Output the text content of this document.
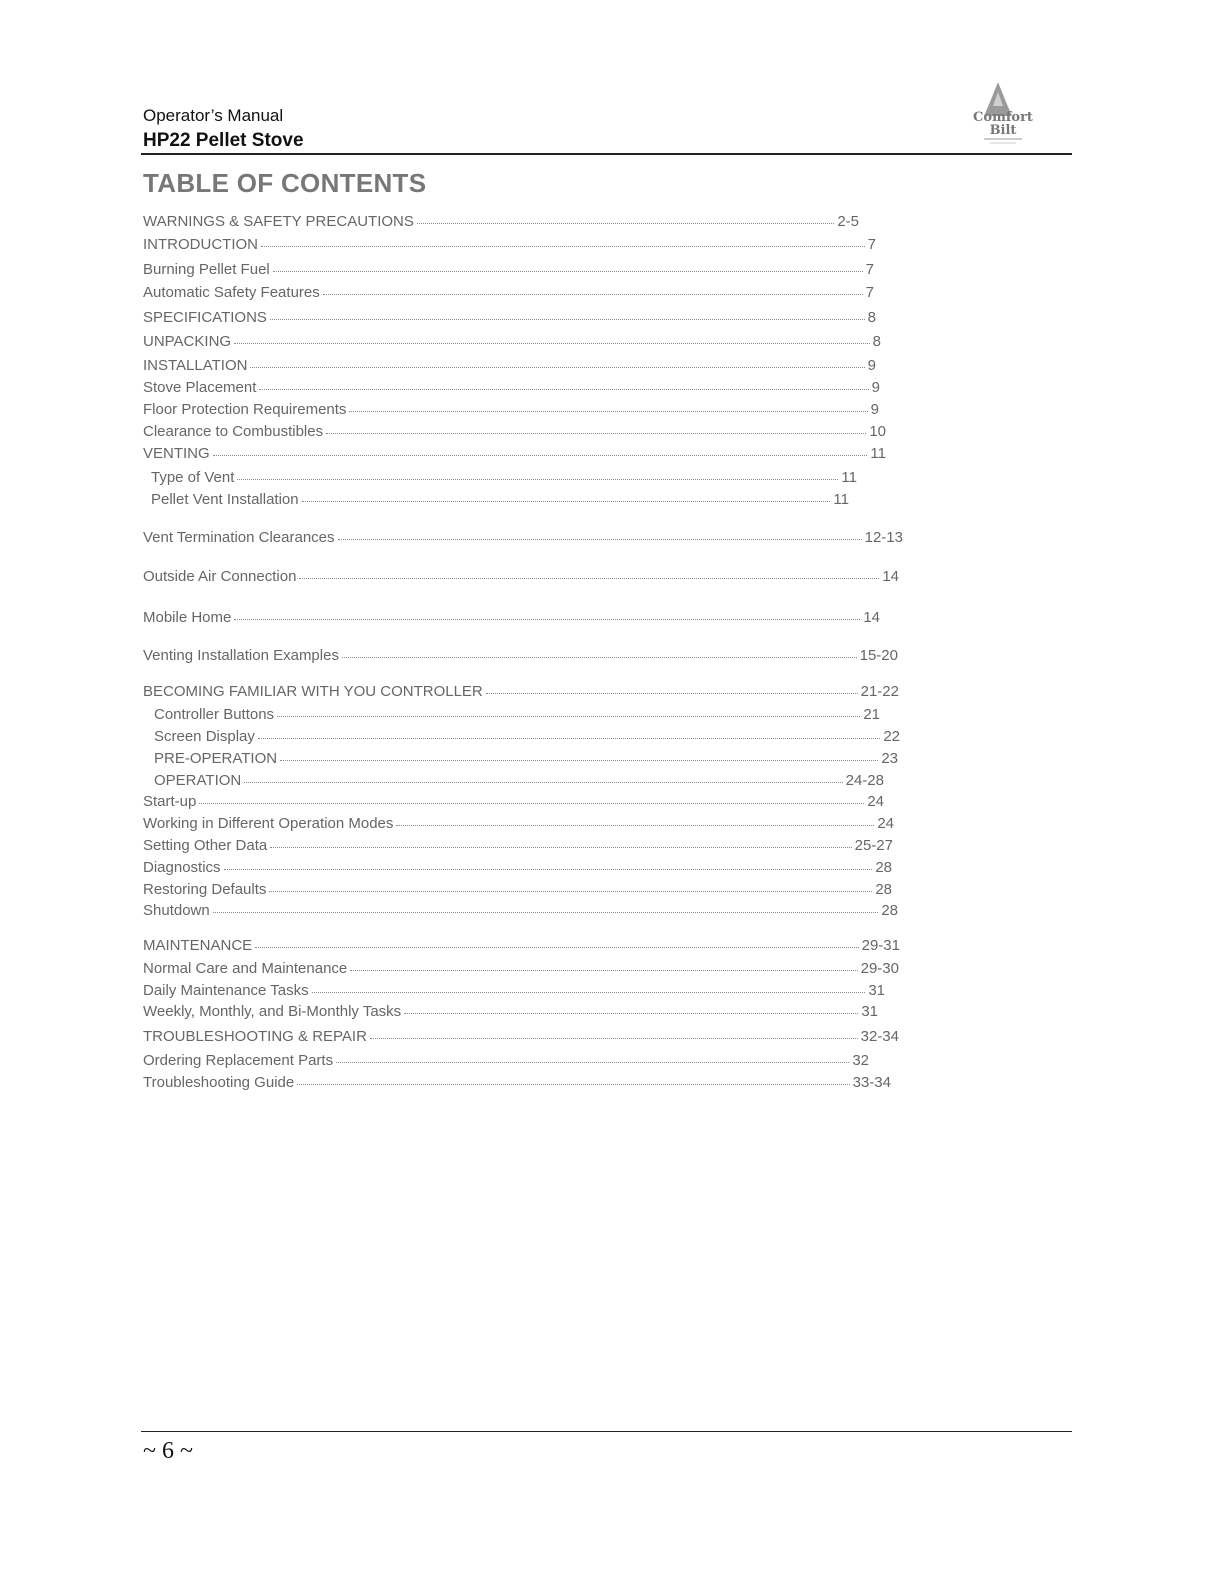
Operator’s Manual

HP22 Pellet Stove

Comfort
Bilt
TABLE OF CONTENTS
WARNINGS & SAFETY PRECAUTIONS	2-5
INTRODUCTION	7
Burning Pellet Fuel	7
Automatic Safety Features	7
SPECIFICATIONS	8
UNPACKING	8
INSTALLATION	9
Stove Placement	9
Floor Protection Requirements	9
Clearance to Combustibles	10
VENTING	11
Type of Vent	11
Pellet Vent Installation	11
Vent Termination Clearances	12-13
Outside Air Connection	14
Mobile Home	14
Venting Installation Examples	15-20
BECOMING FAMILIAR WITH YOU CONTROLLER	21-22
Controller Buttons	21
Screen Display	22
PRE-OPERATION	23
OPERATION	24-28
Start-up	24
Working in Different Operation Modes	24
Setting Other Data	25-27
Diagnostics	28
Restoring Defaults	28
Shutdown	28
MAINTENANCE	29-31
Normal Care and Maintenance	29-30
Daily Maintenance Tasks	31
Weekly, Monthly, and Bi-Monthly Tasks	31
TROUBLESHOOTING & REPAIR	32-34
Ordering Replacement Parts	32
Troubleshooting Guide	33-34

~ 6 ~
